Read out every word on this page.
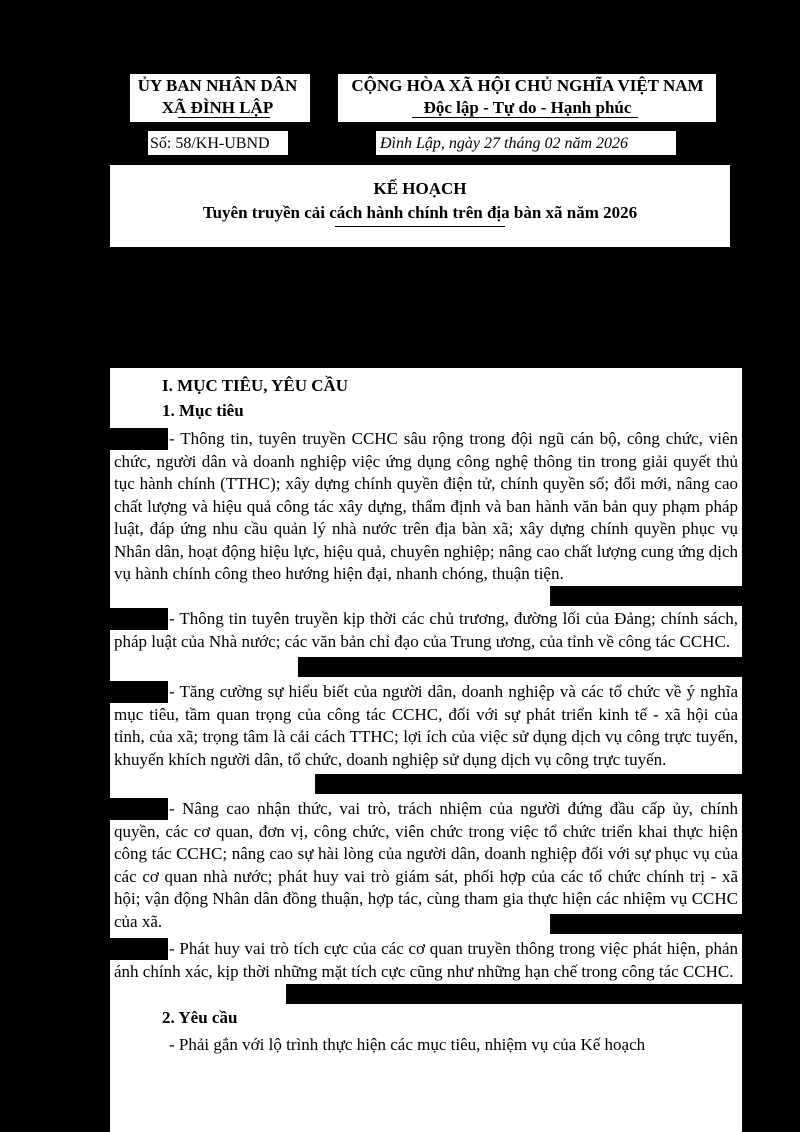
ỦY BAN NHÂN DÂN
XÃ ĐÌNH LẬP
CỘNG HÒA XÃ HỘI CHỦ NGHĨA VIỆT NAM
Độc lập - Tự do - Hạnh phúc
Số: 58/KH-UBND	Đình Lập, ngày 27 tháng 02 năm 2026
KẾ HOẠCH
Tuyên truyền cải cách hành chính trên địa bàn xã năm 2026
I. MỤC TIÊU, YÊU CẦU
1. Mục tiêu
- Thông tin, tuyên truyền CCHC sâu rộng trong đội ngũ cán bộ, công chức, viên chức, người dân và doanh nghiệp việc ứng dụng công nghệ thông tin trong giải quyết thủ tục hành chính (TTHC); xây dựng chính quyền điện tử, chính quyền số; đổi mới, nâng cao chất lượng và hiệu quả công tác xây dựng, thẩm định và ban hành văn bản quy phạm pháp luật, đáp ứng nhu cầu quản lý nhà nước trên địa bàn xã; xây dựng chính quyền phục vụ Nhân dân, hoạt động hiệu lực, hiệu quả, chuyên nghiệp; nâng cao chất lượng cung ứng dịch vụ hành chính công theo hướng hiện đại, nhanh chóng, thuận tiện.
- Thông tin tuyên truyền kịp thời các chủ trương, đường lối của Đảng; chính sách, pháp luật của Nhà nước; các văn bản chỉ đạo của Trung ương, của tỉnh về công tác CCHC.
- Tăng cường sự hiểu biết của người dân, doanh nghiệp và các tổ chức về ý nghĩa mục tiêu, tầm quan trọng của công tác CCHC, đối với sự phát triển kinh tế - xã hội của tỉnh, của xã; trọng tâm là cải cách TTHC; lợi ích của việc sử dụng dịch vụ công trực tuyến, khuyến khích người dân, tổ chức, doanh nghiệp sử dụng dịch vụ công trực tuyến.
- Nâng cao nhận thức, vai trò, trách nhiệm của người đứng đầu cấp ủy, chính quyền, các cơ quan, đơn vị, công chức, viên chức trong việc tổ chức triển khai thực hiện công tác CCHC; nâng cao sự hài lòng của người dân, doanh nghiệp đối với sự phục vụ của các cơ quan nhà nước; phát huy vai trò giám sát, phối hợp của các tổ chức chính trị - xã hội; vận động Nhân dân đồng thuận, hợp tác, cùng tham gia thực hiện các nhiệm vụ CCHC của xã.
- Phát huy vai trò tích cực của các cơ quan truyền thông trong việc phát hiện, phản ánh chính xác, kịp thời những mặt tích cực cũng như những hạn chế trong công tác CCHC.
2. Yêu cầu
- Phải gắn với lộ trình thực hiện các mục tiêu, nhiệm vụ của Kế hoạch
